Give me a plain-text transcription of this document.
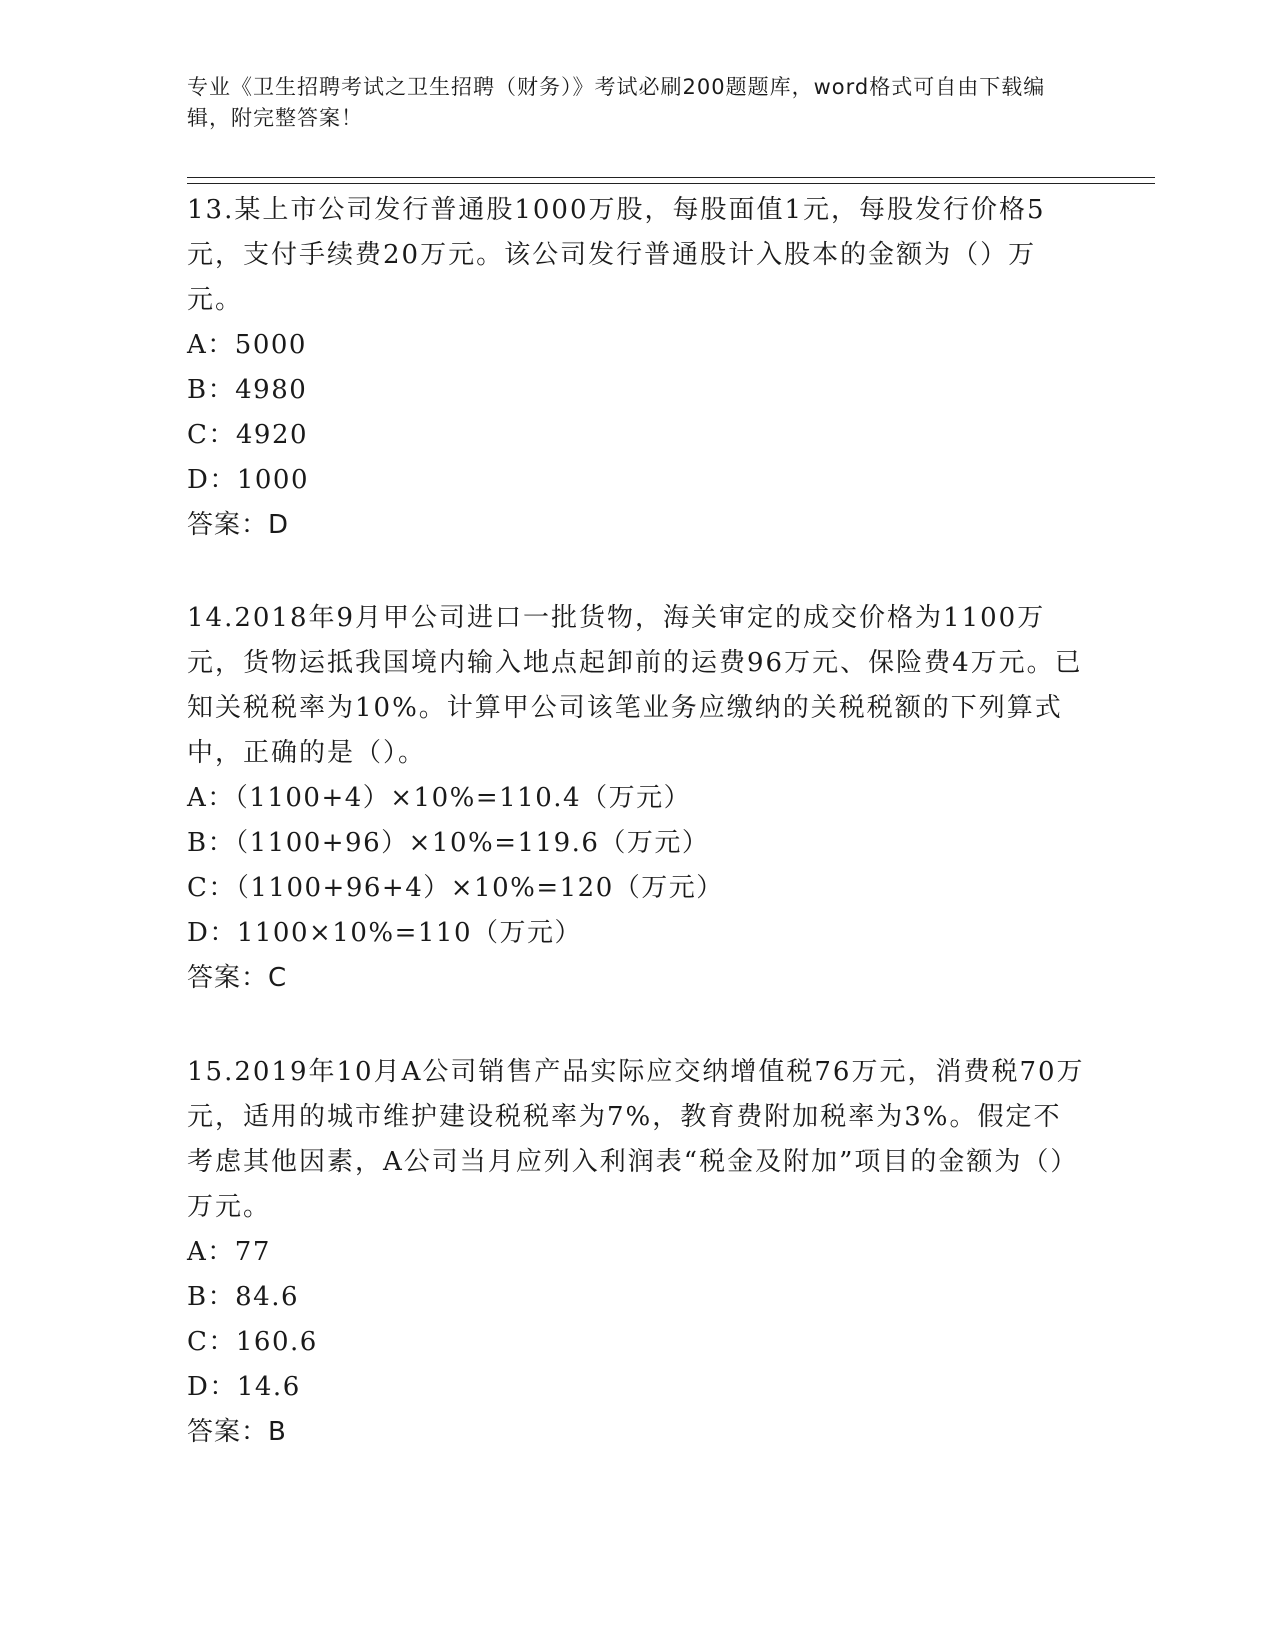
专业《卫生招聘考试之卫生招聘（财务）》考试必刷200题题库，word格式可自由下载编辑，附完整答案！
13.某上市公司发行普通股1000万股，每股面值1元，每股发行价格5元，支付手续费20万元。该公司发行普通股计入股本的金额为（）万元。
A：5000
B：4980
C：4920
D：1000
答案：D
14.2018年9月甲公司进口一批货物，海关审定的成交价格为1100万元，货物运抵我国境内输入地点起卸前的运费96万元、保险费4万元。已知关税税率为10%。计算甲公司该笔业务应缴纳的关税税额的下列算式中，正确的是（）。
A：（1100+4）×10%=110.4（万元）
B：（1100+96）×10%=119.6（万元）
C：（1100+96+4）×10%=120（万元）
D：1100×10%=110（万元）
答案：C
15.2019年10月A公司销售产品实际应交纳增值税76万元，消费税70万元，适用的城市维护建设税税率为7%，教育费附加税率为3%。假定不考虑其他因素，A公司当月应列入利润表“税金及附加”项目的金额为（）万元。
A：77
B：84.6
C：160.6
D：14.6
答案：B
